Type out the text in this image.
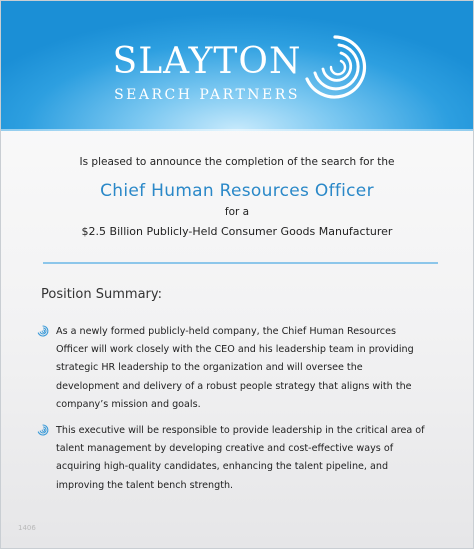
SLAYTON
SEARCH PARTNERS
Is pleased to announce the completion of the search for the
Chief Human Resources Officer
for a
$2.5 Billion Publicly-Held Consumer Goods Manufacturer
Position Summary:
As a newly formed publicly-held company, the Chief Human Resources Officer will work closely with the CEO and his leadership team in providing strategic HR leadership to the organization and will oversee the development and delivery of a robust people strategy that aligns with the company’s mission and goals.
This executive will be responsible to provide leadership in the critical area of talent management by developing creative and cost-effective ways of acquiring high-quality candidates, enhancing the talent pipeline, and improving the talent bench strength.
1406
